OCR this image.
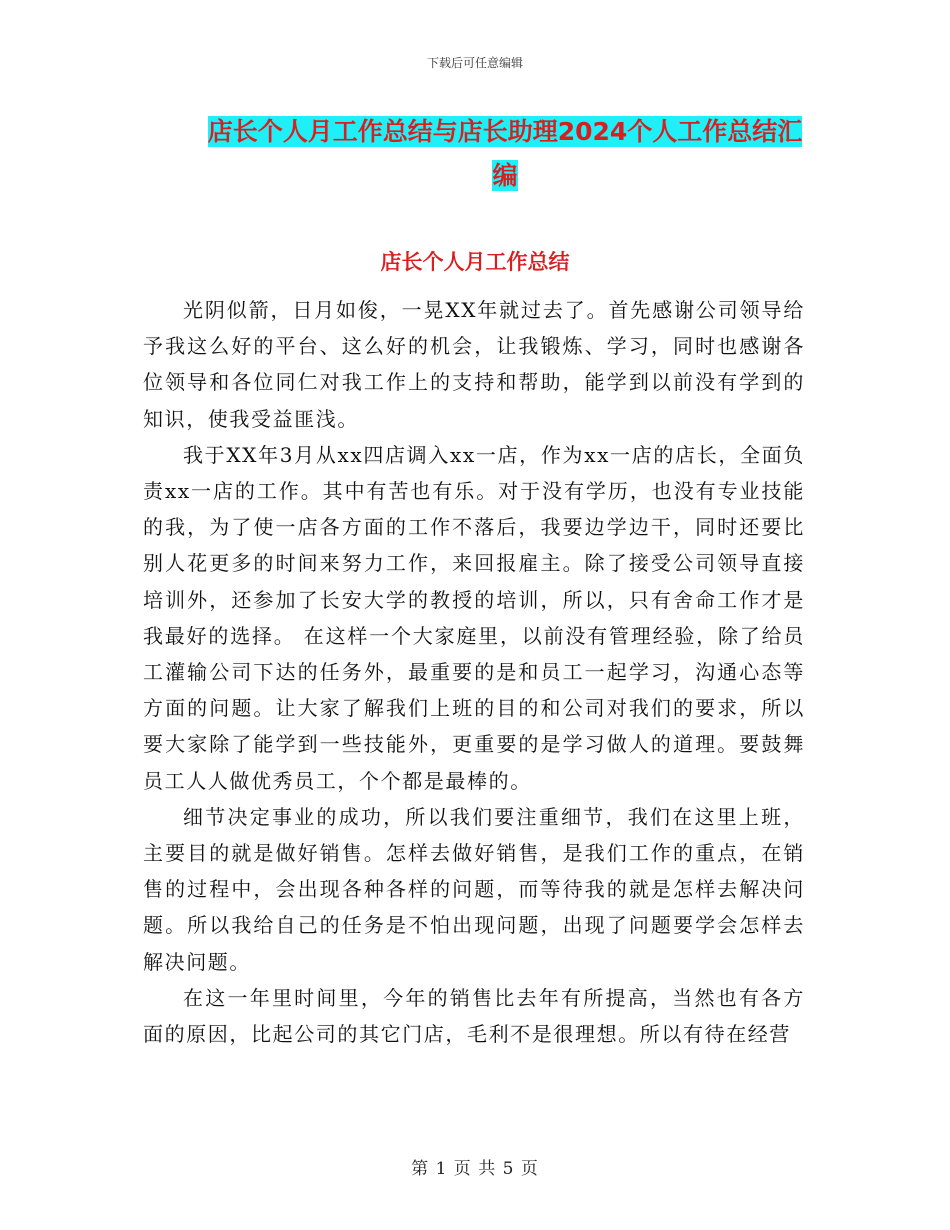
下载后可任意编辑
店长个人月工作总结与店长助理2024个人工作总结汇
编
店长个人月工作总结

光阴似箭，日月如俊，一晃XX年就过去了。首先感谢公司领导给予我这么好的平台、这么好的机会，让我锻炼、学习，同时也感谢各位领导和各位同仁对我工作上的支持和帮助，能学到以前没有学到的知识，使我受益匪浅。

我于XX年3月从xx四店调入xx一店，作为xx一店的店长，全面负责xx一店的工作。其中有苦也有乐。对于没有学历，也没有专业技能的我，为了使一店各方面的工作不落后，我要边学边干，同时还要比别人花更多的时间来努力工作，来回报雇主。除了接受公司领导直接培训外，还参加了长安大学的教授的培训，所以，只有舍命工作才是我最好的选择。 在这样一个大家庭里，以前没有管理经验，除了给员工灌输公司下达的任务外，最重要的是和员工一起学习，沟通心态等方面的问题。让大家了解我们上班的目的和公司对我们的要求，所以要大家除了能学到一些技能外，更重要的是学习做人的道理。要鼓舞员工人人做优秀员工，个个都是最棒的。

细节决定事业的成功，所以我们要注重细节，我们在这里上班，主要目的就是做好销售。怎样去做好销售，是我们工作的重点，在销售的过程中，会出现各种各样的问题，而等待我的就是怎样去解决问题。所以我给自己的任务是不怕出现问题，出现了问题要学会怎样去解决问题。

在这一年里时间里，今年的销售比去年有所提高，当然也有各方面的原因，比起公司的其它门店，毛利不是很理想。所以有待在经营

第 1 页 共 5 页
